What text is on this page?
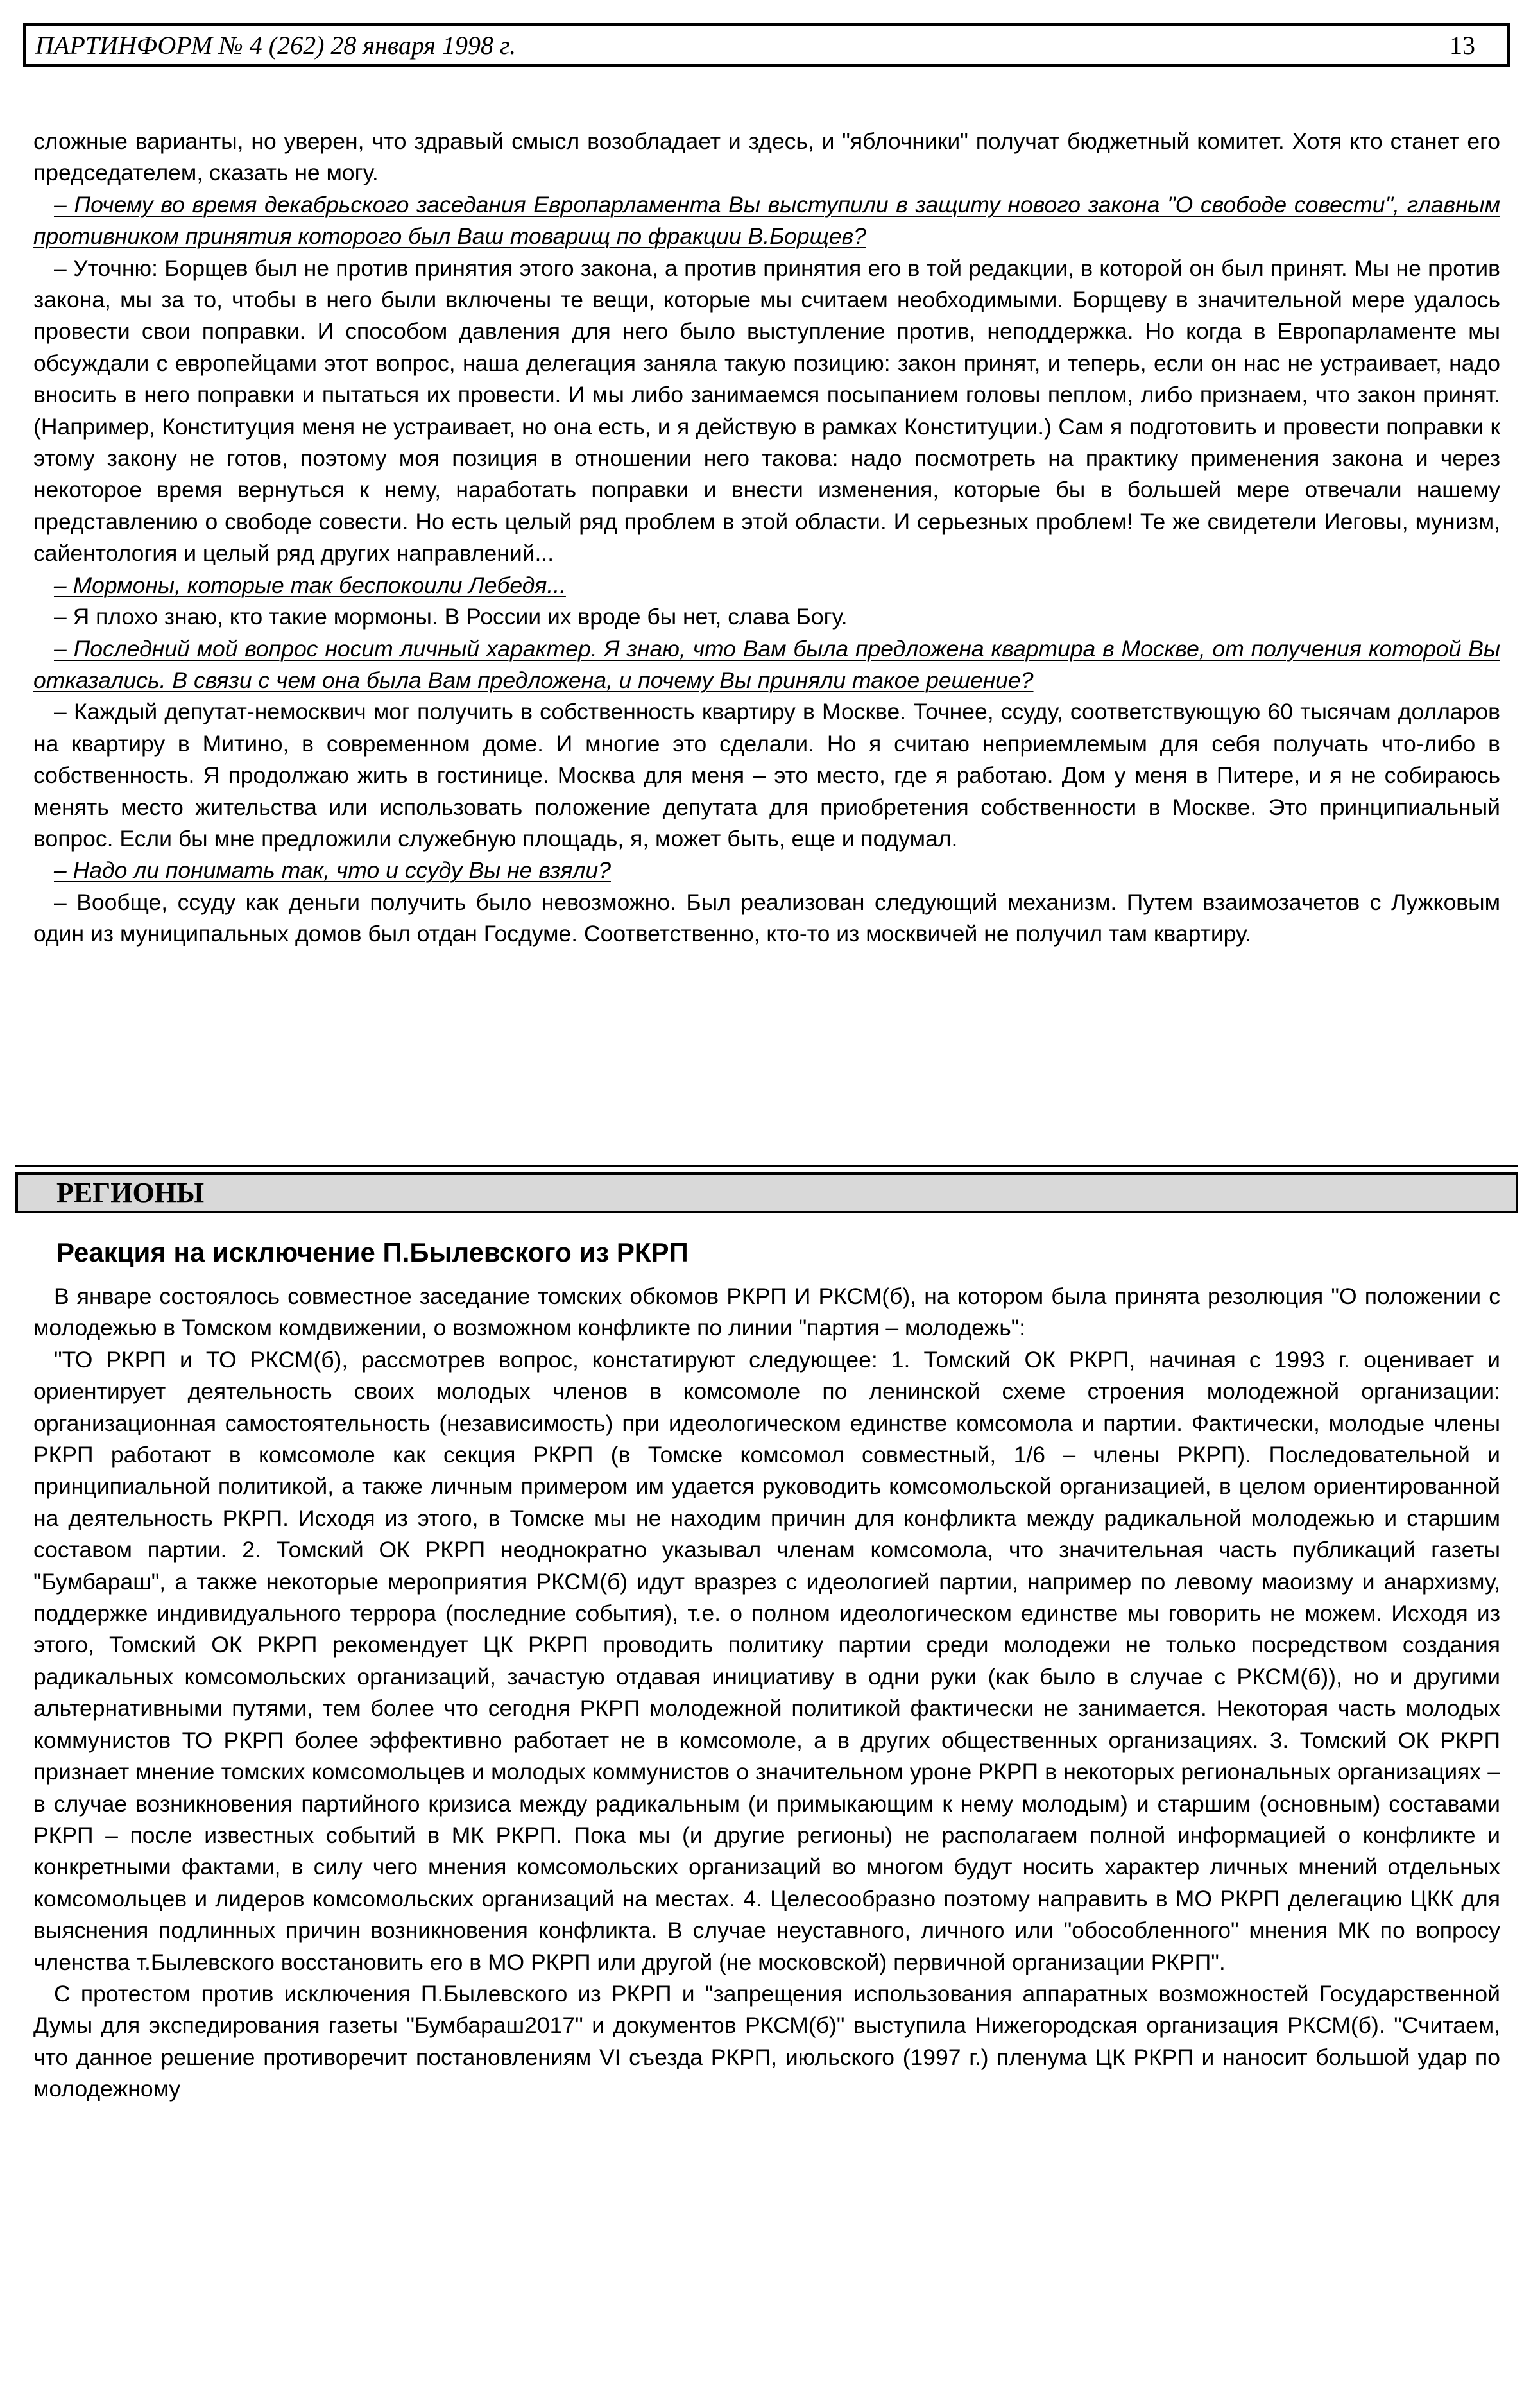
ПАРТИНФОРМ № 4 (262) 28 января 1998 г.	13

сложные варианты, но уверен, что здравый смысл возобладает и здесь, и "яблочники" получат бюджетный комитет. Хотя кто станет его председателем, сказать не могу.

– Почему во время декабрьского заседания Европарламента Вы выступили в защиту нового закона "О свободе совести", главным противником принятия которого был Ваш товарищ по фракции В.Борщев?

– Уточню: Борщев был не против принятия этого закона, а против принятия его в той редакции, в которой он был принят. Мы не против закона, мы за то, чтобы в него были включены те вещи, которые мы считаем необходимыми. Борщеву в значительной мере удалось провести свои поправки. И способом давления для него было выступление против, неподдержка. Но когда в Европарламенте мы обсуждали с европейцами этот вопрос, наша делегация заняла такую позицию: закон принят, и теперь, если он нас не устраивает, надо вносить в него поправки и пытаться их провести. И мы либо занимаемся посыпанием головы пеплом, либо признаем, что закон принят. (Например, Конституция меня не устраивает, но она есть, и я действую в рамках Конституции.) Сам я подготовить и провести поправки к этому закону не готов, поэтому моя позиция в отношении него такова: надо посмотреть на практику применения закона и через некоторое время вернуться к нему, наработать поправки и внести изменения, которые бы в большей мере отвечали нашему представлению о свободе совести. Но есть целый ряд проблем в этой области. И серьезных проблем! Те же свидетели Иеговы, мунизм, сайентология и целый ряд других направлений...

– Мормоны, которые так беспокоили Лебедя...

– Я плохо знаю, кто такие мормоны. В России их вроде бы нет, слава Богу.

– Последний мой вопрос носит личный характер. Я знаю, что Вам была предложена квартира в Москве, от получения которой Вы отказались. В связи с чем она была Вам предложена, и почему Вы приняли такое решение?

– Каждый депутат-немосквич мог получить в собственность квартиру в Москве. Точнее, ссуду, соответствующую 60 тысячам долларов на квартиру в Митино, в современном доме. И многие это сделали. Но я считаю неприемлемым для себя получать что-либо в собственность. Я продолжаю жить в гостинице. Москва для меня – это место, где я работаю. Дом у меня в Питере, и я не собираюсь менять место жительства или использовать положение депутата для приобретения собственности в Москве. Это принципиальный вопрос. Если бы мне предложили служебную площадь, я, может быть, еще и подумал.

– Надо ли понимать так, что и ссуду Вы не взяли?

– Вообще, ссуду как деньги получить было невозможно. Был реализован следующий механизм. Путем взаимозачетов с Лужковым один из муниципальных домов был отдан Госдуме. Соответственно, кто-то из москвичей не получил там квартиру.

РЕГИОНЫ
Реакция на исключение П.Былевского из РКРП

В январе состоялось совместное заседание томских обкомов РКРП И РКСМ(б), на котором была принята резолюция "О положении с молодежью в Томском комдвижении, о возможном конфликте по линии "партия – молодежь":

"ТО РКРП и ТО РКСМ(б), рассмотрев вопрос, констатируют следующее: 1. Томский ОК РКРП, начиная с 1993 г. оценивает и ориентирует деятельность своих молодых членов в комсомоле по ленинской схеме строения молодежной организации: организационная самостоятельность (независимость) при идеологическом единстве комсомола и партии. Фактически, молодые члены РКРП работают в комсомоле как секция РКРП (в Томске комсомол совместный, 1/6 – члены РКРП). Последовательной и принципиальной политикой, а также личным примером им удается руководить комсомольской организацией, в целом ориентированной на деятельность РКРП. Исходя из этого, в Томске мы не находим причин для конфликта между радикальной молодежью и старшим составом партии. 2. Томский ОК РКРП неоднократно указывал членам комсомола, что значительная часть публикаций газеты "Бумбараш", а также некоторые мероприятия РКСМ(б) идут вразрез с идеологией партии, например по левому маоизму и анархизму, поддержке индивидуального террора (последние события), т.е. о полном идеологическом единстве мы говорить не можем. Исходя из этого, Томский ОК РКРП рекомендует ЦК РКРП проводить политику партии среди молодежи не только посредством создания радикальных комсомольских организаций, зачастую отдавая инициативу в одни руки (как было в случае с РКСМ(б)), но и другими альтернативными путями, тем более что сегодня РКРП молодежной политикой фактически не занимается. Некоторая часть молодых коммунистов ТО РКРП более эффективно работает не в комсомоле, а в других общественных организациях. 3. Томский ОК РКРП признает мнение томских комсомольцев и молодых коммунистов о значительном уроне РКРП в некоторых региональных организациях – в случае возникновения партийного кризиса между радикальным (и примыкающим к нему молодым) и старшим (основным) составами РКРП – после известных событий в МК РКРП. Пока мы (и другие регионы) не располагаем полной информацией о конфликте и конкретными фактами, в силу чего мнения комсомольских организаций во многом будут носить характер личных мнений отдельных комсомольцев и лидеров комсомольских организаций на местах. 4. Целесообразно поэтому направить в МО РКРП делегацию ЦКК для выяснения подлинных причин возникновения конфликта. В случае неуставного, личного или "обособленного" мнения МК по вопросу членства т.Былевского восстановить его в МО РКРП или другой (не московской) первичной организации РКРП".

С протестом против исключения П.Былевского из РКРП и "запрещения использования аппаратных возможностей Государственной Думы для экспедирования газеты "Бумбараш2017" и документов РКСМ(б)" выступила Нижегородская организация РКСМ(б). "Считаем, что данное решение противоречит постановлениям VI съезда РКРП, июльского (1997 г.) пленума ЦК РКРП и наносит большой удар по молодежному
